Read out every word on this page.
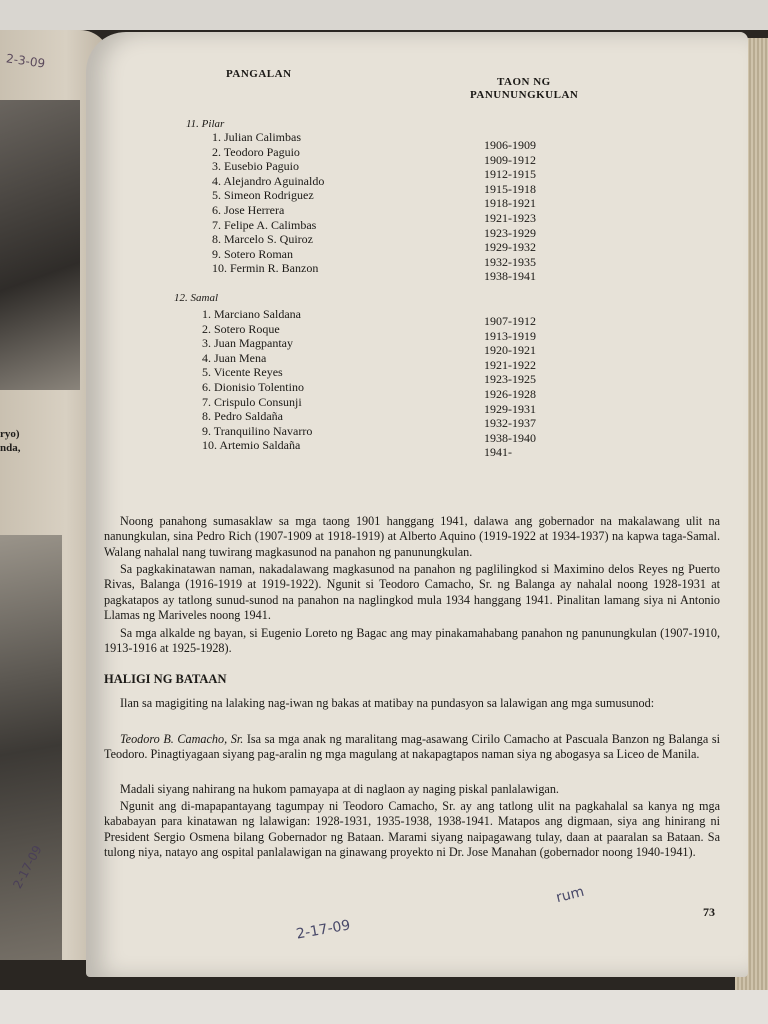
2-3-09
ryo)
nda,
2-17-09
PANGALAN
TAON NG
PANUNUNGKULAN
11. Pilar
1. Julian Calimbas
2. Teodoro Paguio
3. Eusebio Paguio
4. Alejandro Aguinaldo
5. Simeon Rodriguez
6. Jose Herrera
7. Felipe A. Calimbas
8. Marcelo S. Quiroz
9. Sotero Roman
10. Fermin R. Banzon
1906-1909
1909-1912
1912-1915
1915-1918
1918-1921
1921-1923
1923-1929
1929-1932
1932-1935
1938-1941
12. Samal
1. Marciano Saldana
2. Sotero Roque
3. Juan Magpantay
4. Juan Mena
5. Vicente Reyes
6. Dionisio Tolentino
7. Crispulo Consunji
8. Pedro Saldaña
9. Tranquilino Navarro
10. Artemio Saldaña
1907-1912
1913-1919
1920-1921
1921-1922
1923-1925
1926-1928
1929-1931
1932-1937
1938-1940
1941-
Noong panahong sumasaklaw sa mga taong 1901 hanggang 1941, dalawa ang gobernador na makalawang ulit na nanungkulan, sina Pedro Rich (1907-1909 at 1918-1919) at Alberto Aquino (1919-1922 at 1934-1937) na kapwa taga-Samal. Walang nahalal nang tuwirang magkasunod na panahon ng panunungkulan.
Sa pagkakinatawan naman, nakadalawang magkasunod na panahon ng paglilingkod si Maximino delos Reyes ng Puerto Rivas, Balanga (1916-1919 at 1919-1922). Ngunit si Teodoro Camacho, Sr. ng Balanga ay nahalal noong 1928-1931 at pagkatapos ay tatlong sunud-sunod na panahon na naglingkod mula 1934 hanggang 1941. Pinalitan lamang siya ni Antonio Llamas ng Mariveles noong 1941.
Sa mga alkalde ng bayan, si Eugenio Loreto ng Bagac ang may pinakamahabang panahon ng panunungkulan (1907-1910, 1913-1916 at 1925-1928).
HALIGI NG BATAAN
Ilan sa magigiting na lalaking nag-iwan ng bakas at matibay na pundasyon sa lalawigan ang mga sumusunod:
Teodoro B. Camacho, Sr. Isa sa mga anak ng maralitang mag-asawang Cirilo Camacho at Pascuala Banzon ng Balanga si Teodoro. Pinagtiyagaan siyang pag-aralin ng mga magulang at nakapagtapos naman siya ng abogasya sa Liceo de Manila.
Madali siyang nahirang na hukom pamayapa at di naglaon ay naging piskal panlalawigan.
Ngunit ang di-mapapantayang tagumpay ni Teodoro Camacho, Sr. ay ang tatlong ulit na pagkahalal sa kanya ng mga kababayan para kinatawan ng lalawigan: 1928-1931, 1935-1938, 1938-1941. Matapos ang digmaan, siya ang hinirang ni President Sergio Osmena bilang Gobernador ng Bataan. Marami siyang naipagawang tulay, daan at paaralan sa Bataan. Sa tulong niya, natayo ang ospital panlalawigan na ginawang proyekto ni Dr. Jose Manahan (gobernador noong 1940-1941).
73
2-17-09
rum
